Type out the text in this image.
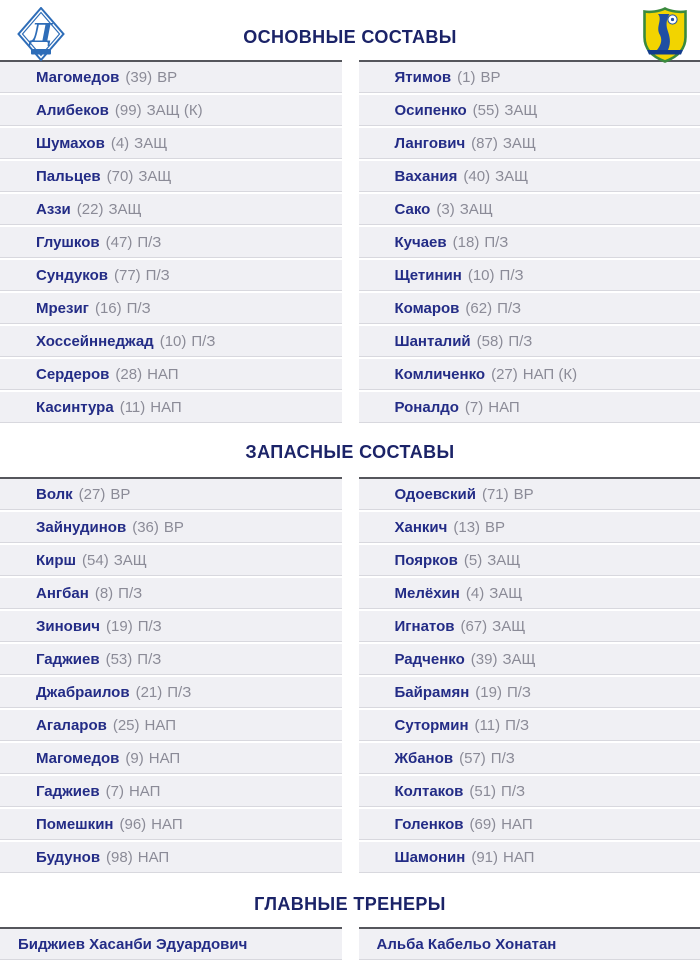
Д	ОСНОВНЫЕ СОСТАВЫ
Магомедов ( 39 ) ВР
Алибеков ( 99 ) ЗАЩ (К)
Шумахов ( 4 ) ЗАЩ
Пальцев ( 70 ) ЗАЩ
Аззи ( 22 ) ЗАЩ
Глушков ( 47 ) П/З
Сундуков ( 77 ) П/З
Мрезиг ( 16 ) П/З
Хоссейннеджад ( 10 ) П/З
Сердеров ( 28 ) НАП
Касинтура ( 11 ) НАП
Ятимов ( 1 ) ВР
Осипенко ( 55 ) ЗАЩ
Лангович ( 87 ) ЗАЩ
Вахания ( 40 ) ЗАЩ
Сако ( 3 ) ЗАЩ
Кучаев ( 18 ) П/З
Щетинин ( 10 ) П/З
Комаров ( 62 ) П/З
Шанталий ( 58 ) П/З
Комличенко ( 27 ) НАП (К)
Роналдо ( 7 ) НАП
ЗАПАСНЫЕ СОСТАВЫ
Волк ( 27 ) ВР
Зайнудинов ( 36 ) ВР
Кирш ( 54 ) ЗАЩ
Ангбан ( 8 ) П/З
Зинович ( 19 ) П/З
Гаджиев ( 53 ) П/З
Джабраилов ( 21 ) П/З
Агаларов ( 25 ) НАП
Магомедов ( 9 ) НАП
Гаджиев ( 7 ) НАП
Помешкин ( 96 ) НАП
Будунов ( 98 ) НАП
Одоевский ( 71 ) ВР
Ханкич ( 13 ) ВР
Поярков ( 5 ) ЗАЩ
Мелёхин ( 4 ) ЗАЩ
Игнатов ( 67 ) ЗАЩ
Радченко ( 39 ) ЗАЩ
Байрамян ( 19 ) П/З
Сутормин ( 11 ) П/З
Жбанов ( 57 ) П/З
Колтаков ( 51 ) П/З
Голенков ( 69 ) НАП
Шамонин ( 91 ) НАП
ГЛАВНЫЕ ТРЕНЕРЫ
Биджиев Хасанби Эдуардович	Альба Кабельо Хонатан
